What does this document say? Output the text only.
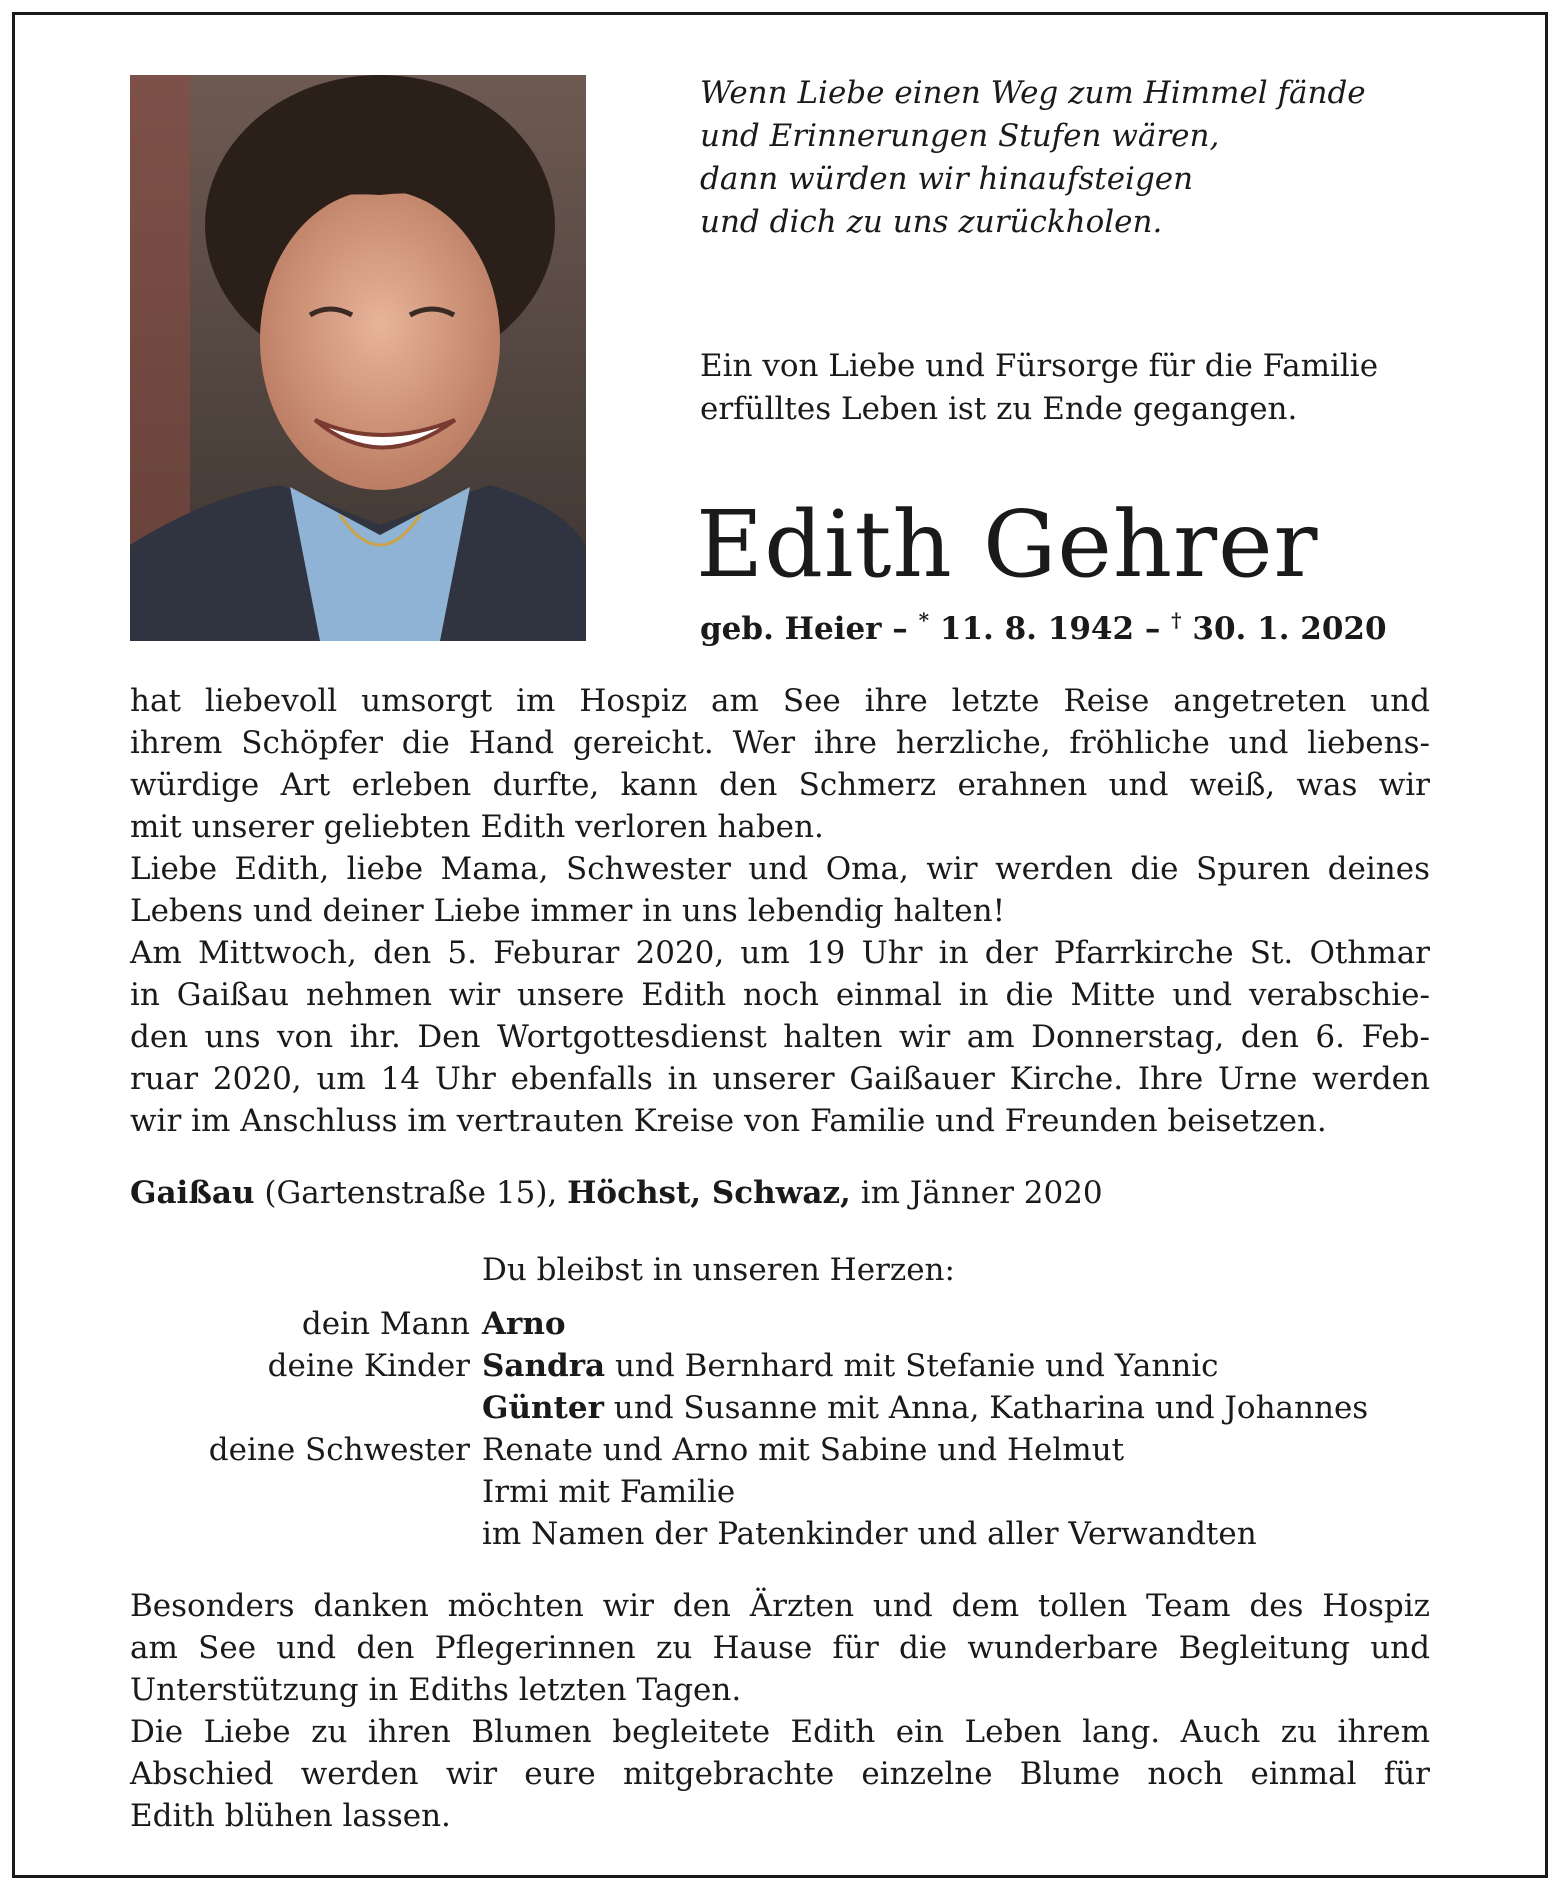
Wenn Liebe einen Weg zum Himmel fände
und Erinnerungen Stufen wären,
dann würden wir hinaufsteigen
und dich zu uns zurückholen.
Ein von Liebe und Fürsorge für die Familie
erfülltes Leben ist zu Ende gegangen.
Edith Gehrer
geb. Heier – * 11. 8. 1942 – † 30. 1. 2020
hat liebevoll umsorgt im Hospiz am See ihre letzte Reise angetreten und
ihrem Schöpfer die Hand gereicht. Wer ihre herzliche, fröhliche und liebens-
würdige Art erleben durfte, kann den Schmerz erahnen und weiß, was wir
mit unserer geliebten Edith verloren haben.
Liebe Edith, liebe Mama, Schwester und Oma, wir werden die Spuren deines
Lebens und deiner Liebe immer in uns lebendig halten!
Am Mittwoch, den 5. Feburar 2020, um 19 Uhr in der Pfarrkirche St. Othmar
in Gaißau nehmen wir unsere Edith noch einmal in die Mitte und verabschie-
den uns von ihr. Den Wortgottesdienst halten wir am Donnerstag, den 6. Feb-
ruar 2020, um 14 Uhr ebenfalls in unserer Gaißauer Kirche. Ihre Urne werden
wir im Anschluss im vertrauten Kreise von Familie und Freunden beisetzen.
Gaißau (Gartenstraße 15), Höchst, Schwaz, im Jänner 2020
Du bleibst in unseren Herzen:
dein Mann Arno
deine Kinder Sandra und Bernhard mit Stefanie und Yannic
Günter und Susanne mit Anna, Katharina und Johannes
deine Schwester Renate und Arno mit Sabine und Helmut
Irmi mit Familie
im Namen der Patenkinder und aller Verwandten
Besonders danken möchten wir den Ärzten und dem tollen Team des Hospiz
am See und den Pflegerinnen zu Hause für die wunderbare Begleitung und
Unterstützung in Ediths letzten Tagen.
Die Liebe zu ihren Blumen begleitete Edith ein Leben lang. Auch zu ihrem
Abschied werden wir eure mitgebrachte einzelne Blume noch einmal für
Edith blühen lassen.
